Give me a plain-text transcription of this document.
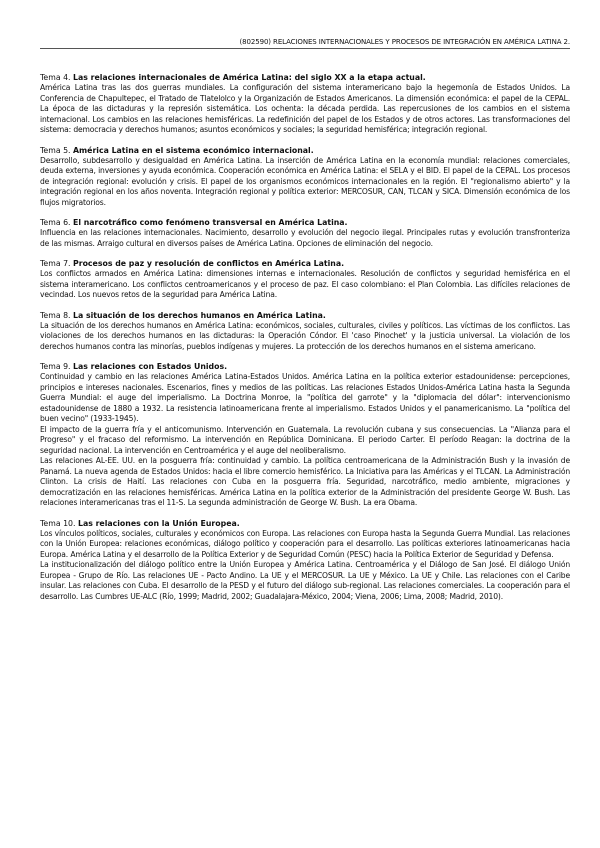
(802590) RELACIONES INTERNACIONALES Y PROCESOS DE INTEGRACIÓN EN AMÉRICA LATINA 2.

Tema 4. Las relaciones internacionales de América Latina: del siglo XX a la etapa actual.

América Latina tras las dos guerras mundiales. La configuración del sistema interamericano bajo la hegemonía de Estados Unidos. La Conferencia de Chapultepec, el Tratado de Tlatelolco y la Organización de Estados Americanos. La dimensión económica: el papel de la CEPAL. La época de las dictaduras y la represión sistemática. Los ochenta: la década perdida. Las repercusiones de los cambios en el sistema internacional. Los cambios en las relaciones hemisféricas. La redefinición del papel de los Estados y de otros actores. Las transformaciones del sistema: democracia y derechos humanos; asuntos económicos y sociales; la seguridad hemisférica; integración regional.

Tema 5. América Latina en el sistema económico internacional.

Desarrollo, subdesarrollo y desigualdad en América Latina. La inserción de América Latina en la economía mundial: relaciones comerciales, deuda externa, inversiones y ayuda económica. Cooperación económica en América Latina: el SELA y el BID. El papel de la CEPAL. Los procesos de integración regional: evolución y crisis. El papel de los organismos económicos internacionales en la región. El "regionalismo abierto" y la integración regional en los años noventa. Integración regional y política exterior: MERCOSUR, CAN, TLCAN y SICA. Dimensión económica de los flujos migratorios.

Tema 6. El narcotráfico como fenómeno transversal en América Latina.

Influencia en las relaciones internacionales. Nacimiento, desarrollo y evolución del negocio ilegal. Principales rutas y evolución transfronteriza de las mismas. Arraigo cultural en diversos países de América Latina. Opciones de eliminación del negocio.

Tema 7. Procesos de paz y resolución de conflictos en América Latina.

Los conflictos armados en América Latina: dimensiones internas e internacionales. Resolución de conflictos y seguridad hemisférica en el sistema interamericano. Los conflictos centroamericanos y el proceso de paz. El caso colombiano: el Plan Colombia. Las difíciles relaciones de vecindad. Los nuevos retos de la seguridad para América Latina.

Tema 8. La situación de los derechos humanos en América Latina.

La situación de los derechos humanos en América Latina: económicos, sociales, culturales, civiles y políticos. Las víctimas de los conflictos. Las violaciones de los derechos humanos en las dictaduras: la Operación Cóndor. El 'caso Pinochet' y la justicia universal. La violación de los derechos humanos contra las minorías, pueblos indígenas y mujeres. La protección de los derechos humanos en el sistema americano.

Tema 9. Las relaciones con Estados Unidos.

Continuidad y cambio en las relaciones América Latina-Estados Unidos. América Latina en la política exterior estadounidense: percepciones, principios e intereses nacionales. Escenarios, fines y medios de las políticas. Las relaciones Estados Unidos-América Latina hasta la Segunda Guerra Mundial: el auge del imperialismo. La Doctrina Monroe, la "política del garrote" y la "diplomacia del dólar": intervencionismo estadounidense de 1880 a 1932. La resistencia latinoamericana frente al imperialismo. Estados Unidos y el panamericanismo. La "política del buen vecino" (1933-1945).

El impacto de la guerra fría y el anticomunismo. Intervención en Guatemala. La revolución cubana y sus consecuencias. La "Alianza para el Progreso" y el fracaso del reformismo. La intervención en República Dominicana. El periodo Carter. El período Reagan: la doctrina de la seguridad nacional. La intervención en Centroamérica y el auge del neoliberalismo.

Las relaciones AL-EE. UU. en la posguerra fría: continuidad y cambio. La política centroamericana de la Administración Bush y la invasión de Panamá. La nueva agenda de Estados Unidos: hacia el libre comercio hemisférico. La Iniciativa para las Américas y el TLCAN. La Administración Clinton. La crisis de Haití. Las relaciones con Cuba en la posguerra fría. Seguridad, narcotráfico, medio ambiente, migraciones y democratización en las relaciones hemisféricas. América Latina en la política exterior de la Administración del presidente George W. Bush. Las relaciones interamericanas tras el 11-S. La segunda administración de George W. Bush. La era Obama.

Tema 10. Las relaciones con la Unión Europea.

Los vínculos políticos, sociales, culturales y económicos con Europa. Las relaciones con Europa hasta la Segunda Guerra Mundial. Las relaciones con la Unión Europea: relaciones económicas, diálogo político y cooperación para el desarrollo. Las políticas exteriores latinoamericanas hacia Europa. América Latina y el desarrollo de la Política Exterior y de Seguridad Común (PESC) hacia la Política Exterior de Seguridad y Defensa.

La institucionalización del diálogo político entre la Unión Europea y América Latina. Centroamérica y el Diálogo de San José. El diálogo Unión Europea - Grupo de Río. Las relaciones UE - Pacto Andino. La UE y el MERCOSUR. La UE y México. La UE y Chile. Las relaciones con el Caribe insular. Las relaciones con Cuba. El desarrollo de la PESD y el futuro del diálogo sub-regional. Las relaciones comerciales. La cooperación para el desarrollo. Las Cumbres UE-ALC (Río, 1999; Madrid, 2002; Guadalajara-México, 2004; Viena, 2006; Lima, 2008; Madrid, 2010).
